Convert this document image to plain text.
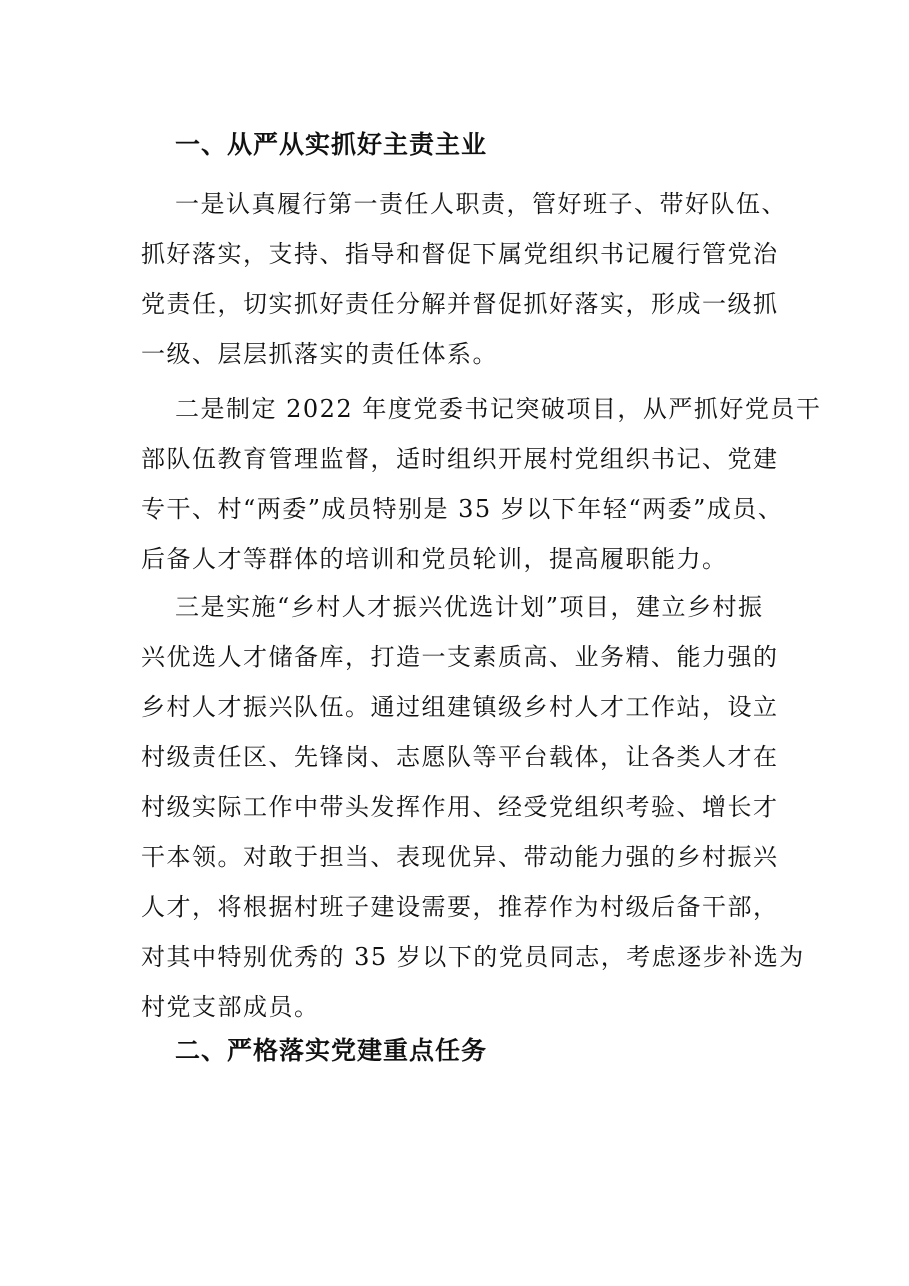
一、从严从实抓好主责主业
一是认真履行第一责任人职责，管好班子、带好队伍、
抓好落实，支持、指导和督促下属党组织书记履行管党治
党责任，切实抓好责任分解并督促抓好落实，形成一级抓
一级、层层抓落实的责任体系。
二是制定 2022 年度党委书记突破项目，从严抓好党员干
部队伍教育管理监督，适时组织开展村党组织书记、党建
专干、村“两委”成员特别是 35 岁以下年轻“两委”成员、
后备人才等群体的培训和党员轮训，提高履职能力。
三是实施“乡村人才振兴优选计划”项目，建立乡村振
兴优选人才储备库，打造一支素质高、业务精、能力强的
乡村人才振兴队伍。通过组建镇级乡村人才工作站，设立
村级责任区、先锋岗、志愿队等平台载体，让各类人才在
村级实际工作中带头发挥作用、经受党组织考验、增长才
干本领。对敢于担当、表现优异、带动能力强的乡村振兴
人才，将根据村班子建设需要，推荐作为村级后备干部，
对其中特别优秀的 35 岁以下的党员同志，考虑逐步补选为
村党支部成员。
二、严格落实党建重点任务
